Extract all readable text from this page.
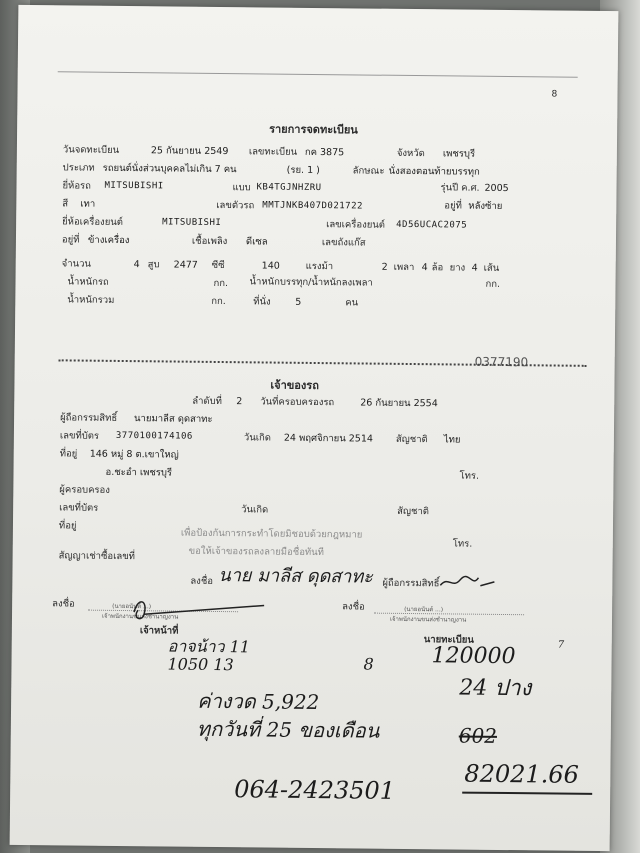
8
รายการจดทะเบียน
วันจดทะเบียน	25 กันยายน 2549 เลขทะเบียน กค 3875	จังหวัด เพชรบุรี
ประเภท รถยนต์นั่งส่วนบุคคลไม่เกิน 7 คน	(รย. 1 )	ลักษณะ นั่งสองตอนท้ายบรรทุก
ยี่ห้อรถ MITSUBISHI	แบบ KB4TGJNHZRU	รุ่นปี ค.ศ. 2005
สี เทา	เลขตัวรถ MMTJNKB407D021722	อยู่ที่ หลังซ้าย
ยี่ห้อเครื่องยนต์	MITSUBISHI	เลขเครื่องยนต์ 4D56UCAC2075
อยู่ที่ ข้างเครื่อง	เชื้อเพลิง ดีเซล	เลขถังแก๊ส
จำนวน	4 สูบ 2477 ซีซี	140	แรงม้า	2 เพลา 4 ล้อ ยาง 4 เส้น
น้ำหนักรถ	กก. น้ำหนักบรรทุก/น้ำหนักลงเพลา	กก.
น้ำหนักรวม	กก.	ที่นั่ง	5	คน
0377190
เจ้าของรถ
ลำดับที่ 2 วันที่ครอบครองรถ	26 กันยายน 2554
ผู้ถือกรรมสิทธิ์ นายมาลีส ดุดสาทะ
เลขที่บัตร 3770100174106	วันเกิด 24 พฤศจิกายน 2514 สัญชาติ ไทย
ที่อยู่ 146 หมู่ 8 ต.เขาใหญ่
อ.ชะอำ เพชรบุรี	โทร.
ผู้ครอบครอง
เลขที่บัตร	วันเกิด	สัญชาติ
ที่อยู่
เพื่อป้องกันการกระทำโดยมิชอบด้วยกฎหมาย
ขอให้เจ้าของรถลงลายมือชื่อทันที
โทร.
สัญญาเช่าซื้อเลขที่
ลงชื่อ นาย มาลีส ดุดสาทะ ผู้ถือกรรมสิทธิ์
ลงชื่อ	(นายอนันต์ ...)
เจ้าพนักงานขนส่งชำนาญงาน
เจ้าหน้าที่
ลงชื่อ	(นายอนันต์ ...)
เจ้าพนักงานขนส่งชำนาญงาน
นายทะเบียน
อาจน้าว 11
8	120000	7
1050 13
24 ปาง
ค่างวด 5,922
ทุกวันที่ 25 ของเดือน	602
064-2423501
82021.66
